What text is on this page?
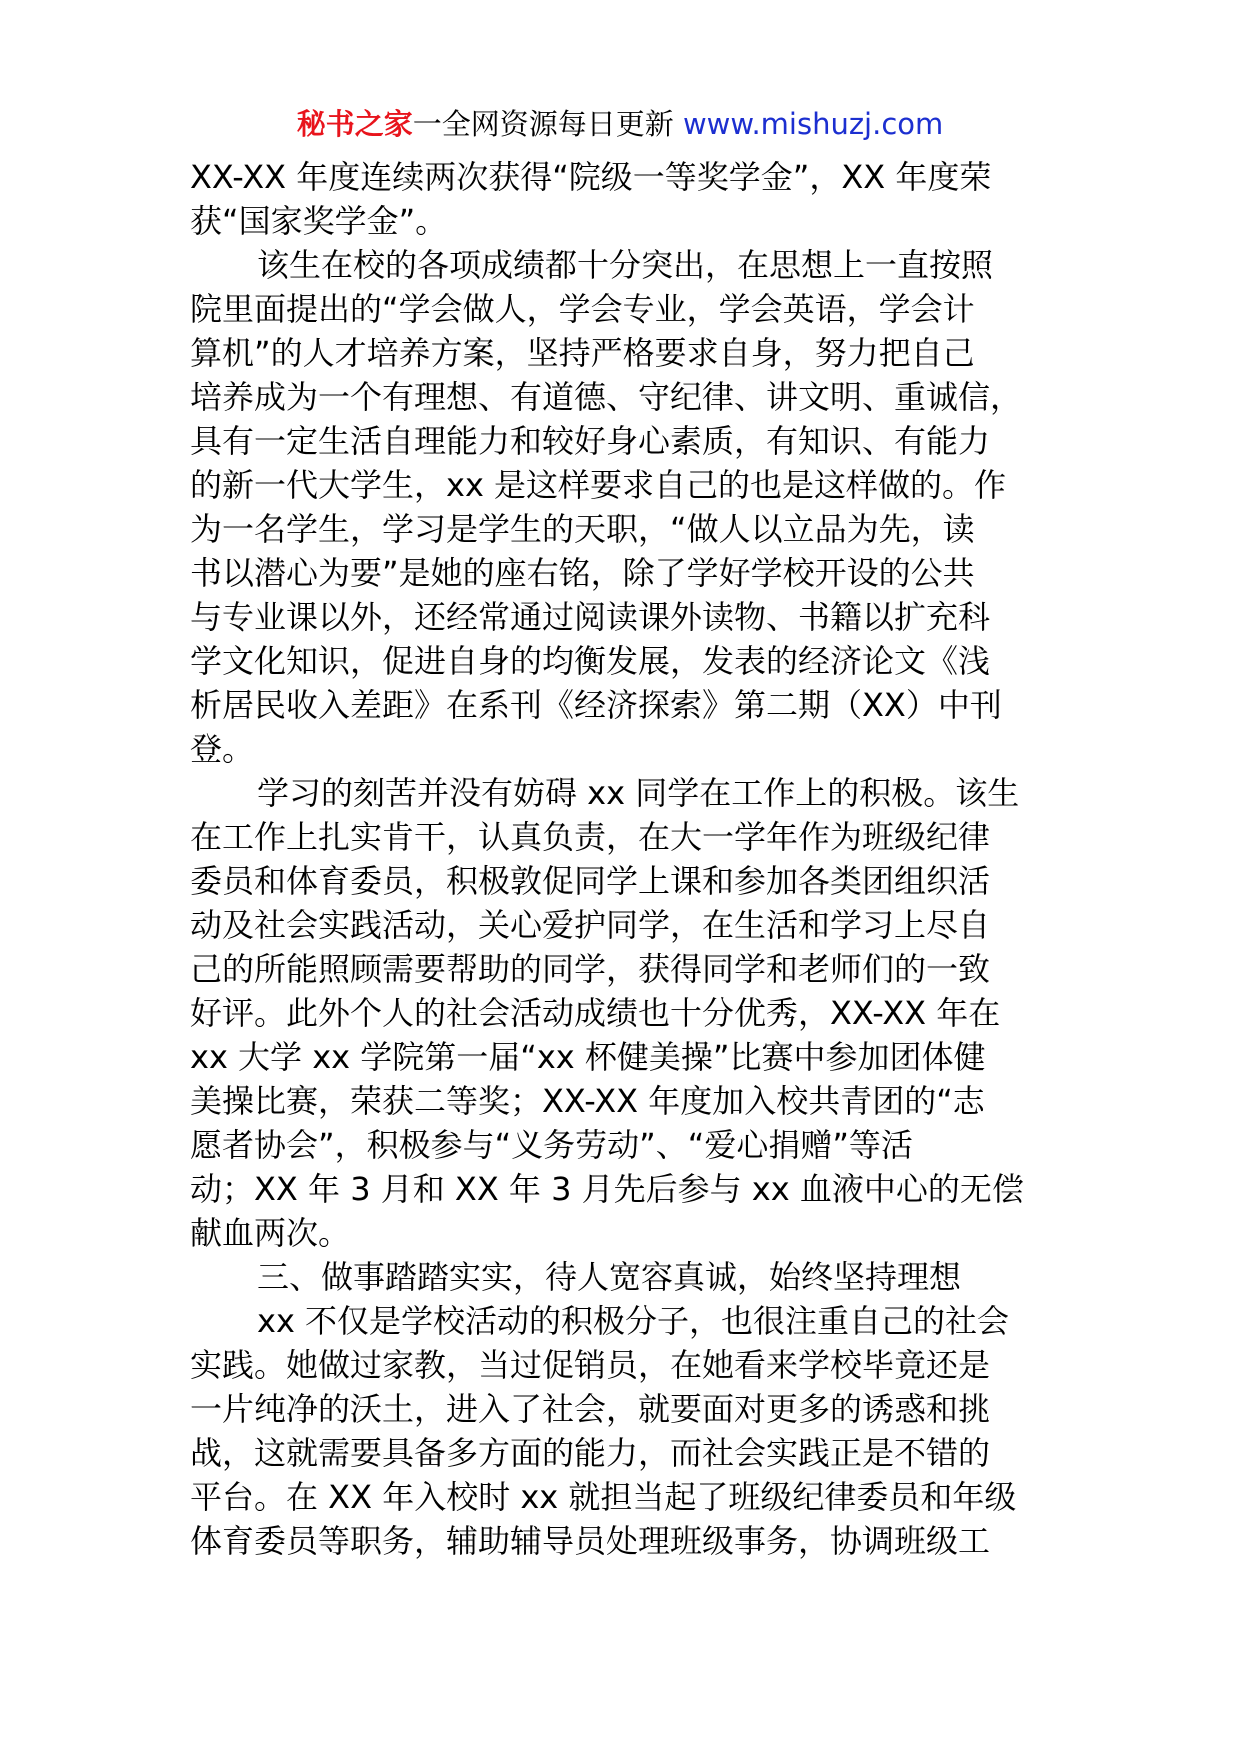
秘书之家一全网资源每日更新 www.mishuzj.com
XX-XX 年度连续两次获得“院级一等奖学金”，XX 年度荣
获“国家奖学金”。
该生在校的各项成绩都十分突出，在思想上一直按照
院里面提出的“学会做人，学会专业，学会英语，学会计
算机”的人才培养方案，坚持严格要求自身，努力把自己
培养成为一个有理想、有道德、守纪律、讲文明、重诚信，
具有一定生活自理能力和较好身心素质，有知识、有能力
的新一代大学生，xx 是这样要求自己的也是这样做的。作
为一名学生，学习是学生的天职，“做人以立品为先，读
书以潜心为要”是她的座右铭，除了学好学校开设的公共
与专业课以外，还经常通过阅读课外读物、书籍以扩充科
学文化知识，促进自身的均衡发展，发表的经济论文《浅
析居民收入差距》在系刊《经济探索》第二期（XX）中刊
登。
学习的刻苦并没有妨碍 xx 同学在工作上的积极。该生
在工作上扎实肯干，认真负责，在大一学年作为班级纪律
委员和体育委员，积极敦促同学上课和参加各类团组织活
动及社会实践活动，关心爱护同学，在生活和学习上尽自
己的所能照顾需要帮助的同学，获得同学和老师们的一致
好评。此外个人的社会活动成绩也十分优秀，XX-XX 年在
xx 大学 xx 学院第一届“xx 杯健美操”比赛中参加团体健
美操比赛，荣获二等奖；XX-XX 年度加入校共青团的“志
愿者协会”，积极参与“义务劳动”、“爱心捐赠”等活
动；XX 年 3 月和 XX 年 3 月先后参与 xx 血液中心的无偿
献血两次。
三、做事踏踏实实，待人宽容真诚，始终坚持理想
xx 不仅是学校活动的积极分子，也很注重自己的社会
实践。她做过家教，当过促销员，在她看来学校毕竟还是
一片纯净的沃土，进入了社会，就要面对更多的诱惑和挑
战，这就需要具备多方面的能力，而社会实践正是不错的
平台。在 XX 年入校时 xx 就担当起了班级纪律委员和年级
体育委员等职务，辅助辅导员处理班级事务，协调班级工
